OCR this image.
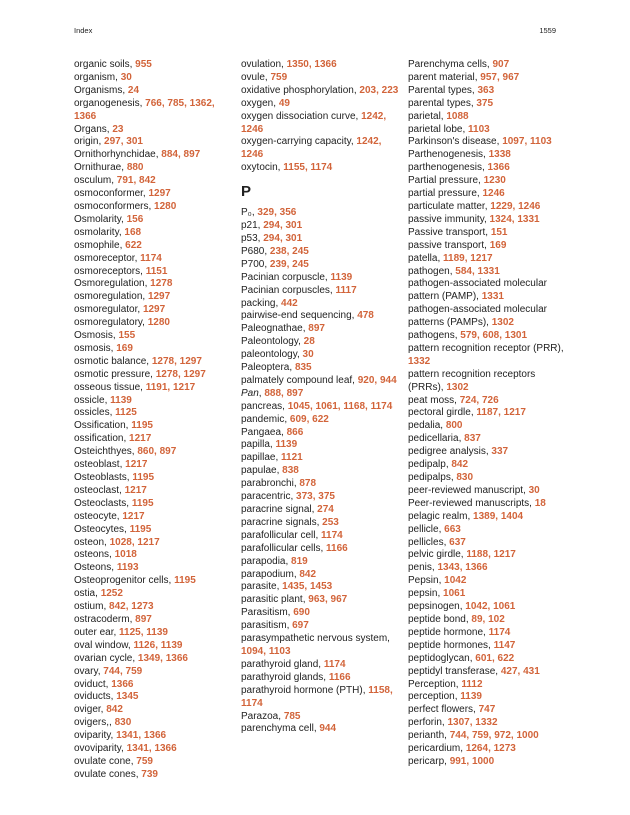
Index	1559
organic soils, 955
organism, 30
Organisms, 24
organogenesis, 766, 785, 1362, 1366
Organs, 23
origin, 297, 301
Ornithorhynchidae, 884, 897
Ornithurae, 880
osculum, 791, 842
osmoconformer, 1297
osmoconformers, 1280
Osmolarity, 156
osmolarity, 168
osmophile, 622
osmoreceptor, 1174
osmoreceptors, 1151
Osmoregulation, 1278
osmoregulation, 1297
osmoregulator, 1297
osmoregulatory, 1280
Osmosis, 155
osmosis, 169
osmotic balance, 1278, 1297
osmotic pressure, 1278, 1297
osseous tissue, 1191, 1217
ossicle, 1139
ossicles, 1125
Ossification, 1195
ossification, 1217
Osteichthyes, 860, 897
osteoblast, 1217
Osteoblasts, 1195
osteoclast, 1217
Osteoclasts, 1195
osteocyte, 1217
Osteocytes, 1195
osteon, 1028, 1217
osteons, 1018
Osteons, 1193
Osteoprogenitor cells, 1195
ostia, 1252
ostium, 842, 1273
ostracoderm, 897
outer ear, 1125, 1139
oval window, 1126, 1139
ovarian cycle, 1349, 1366
ovary, 744, 759
oviduct, 1366
oviducts, 1345
oviger, 842
ovigers,, 830
oviparity, 1341, 1366
ovoviparity, 1341, 1366
ovulate cone, 759
ovulate cones, 739
ovulation, 1350, 1366
ovule, 759
oxidative phosphorylation, 203, 223
oxygen, 49
oxygen dissociation curve, 1242, 1246
oxygen-carrying capacity, 1242, 1246
oxytocin, 1155, 1174
P
P₀, 329, 356
p21, 294, 301
p53, 294, 301
P680, 238, 245
P700, 239, 245
Pacinian corpuscle, 1139
Pacinian corpuscles, 1117
packing, 442
pairwise-end sequencing, 478
Paleognathae, 897
Paleontology, 28
paleontology, 30
Paleoptera, 835
palmately compound leaf, 920, 944
Pan, 888, 897
pancreas, 1045, 1061, 1168, 1174
pandemic, 609, 622
Pangaea, 866
papilla, 1139
papillae, 1121
papulae, 838
parabronchi, 878
paracentric, 373, 375
paracrine signal, 274
paracrine signals, 253
parafollicular cell, 1174
parafollicular cells, 1166
parapodia, 819
parapodium, 842
parasite, 1435, 1453
parasitic plant, 963, 967
Parasitism, 690
parasitism, 697
parasympathetic nervous system, 1094, 1103
parathyroid gland, 1174
parathyroid glands, 1166
parathyroid hormone (PTH), 1158, 1174
Parazoa, 785
parenchyma cell, 944
Parenchyma cells, 907
parent material, 957, 967
Parental types, 363
parental types, 375
parietal, 1088
parietal lobe, 1103
Parkinson's disease, 1097, 1103
Parthenogenesis, 1338
parthenogenesis, 1366
Partial pressure, 1230
partial pressure, 1246
particulate matter, 1229, 1246
passive immunity, 1324, 1331
Passive transport, 151
passive transport, 169
patella, 1189, 1217
pathogen, 584, 1331
pathogen-associated molecular pattern (PAMP), 1331
pathogen-associated molecular patterns (PAMPs), 1302
pathogens, 579, 608, 1301
pattern recognition receptor (PRR), 1332
pattern recognition receptors (PRRs), 1302
peat moss, 724, 726
pectoral girdle, 1187, 1217
pedalia, 800
pedicellaria, 837
pedigree analysis, 337
pedipalp, 842
pedipalps, 830
peer-reviewed manuscript, 30
Peer-reviewed manuscripts, 18
pelagic realm, 1389, 1404
pellicle, 663
pellicles, 637
pelvic girdle, 1188, 1217
penis, 1343, 1366
Pepsin, 1042
pepsin, 1061
pepsinogen, 1042, 1061
peptide bond, 89, 102
peptide hormone, 1174
peptide hormones, 1147
peptidoglycan, 601, 622
peptidyl transferase, 427, 431
Perception, 1112
perception, 1139
perfect flowers, 747
perforin, 1307, 1332
perianth, 744, 759, 972, 1000
pericardium, 1264, 1273
pericarp, 991, 1000
